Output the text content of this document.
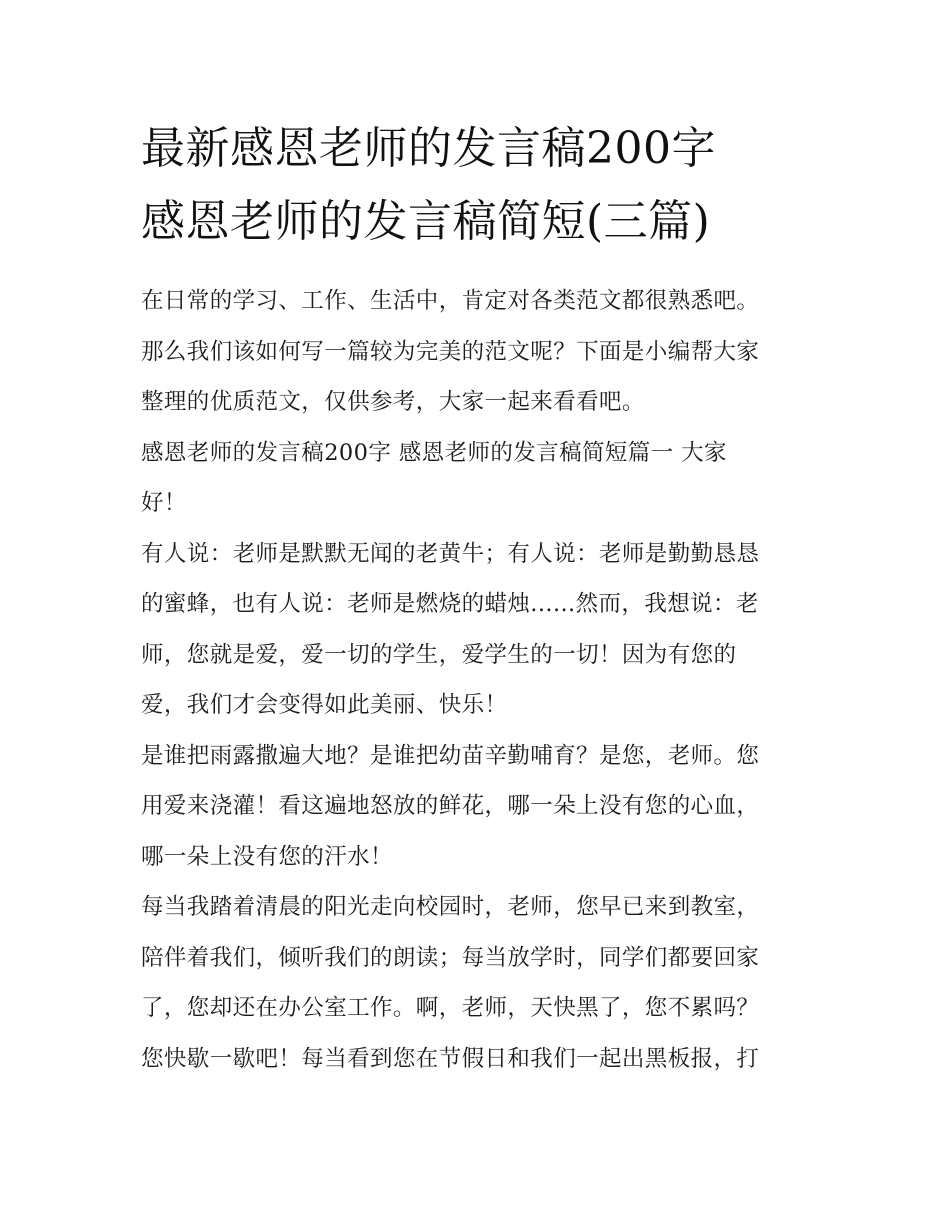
最新感恩老师的发言稿200字
感恩老师的发言稿简短(三篇)
在日常的学习、工作、生活中，肯定对各类范文都很熟悉吧。
那么我们该如何写一篇较为完美的范文呢？下面是小编帮大家
整理的优质范文，仅供参考，大家一起来看看吧。
感恩老师的发言稿200字 感恩老师的发言稿简短篇一 大家
好！
有人说：老师是默默无闻的老黄牛；有人说：老师是勤勤恳恳
的蜜蜂，也有人说：老师是燃烧的蜡烛......然而，我想说：老
师，您就是爱，爱一切的学生，爱学生的一切！因为有您的
爱，我们才会变得如此美丽、快乐！
是谁把雨露撒遍大地？是谁把幼苗辛勤哺育？是您，老师。您
用爱来浇灌！看这遍地怒放的鲜花，哪一朵上没有您的心血，
哪一朵上没有您的汗水！
每当我踏着清晨的阳光走向校园时，老师，您早已来到教室，
陪伴着我们，倾听我们的朗读；每当放学时，同学们都要回家
了，您却还在办公室工作。啊，老师，天快黑了，您不累吗？
您快歇一歇吧！每当看到您在节假日和我们一起出黑板报，打
